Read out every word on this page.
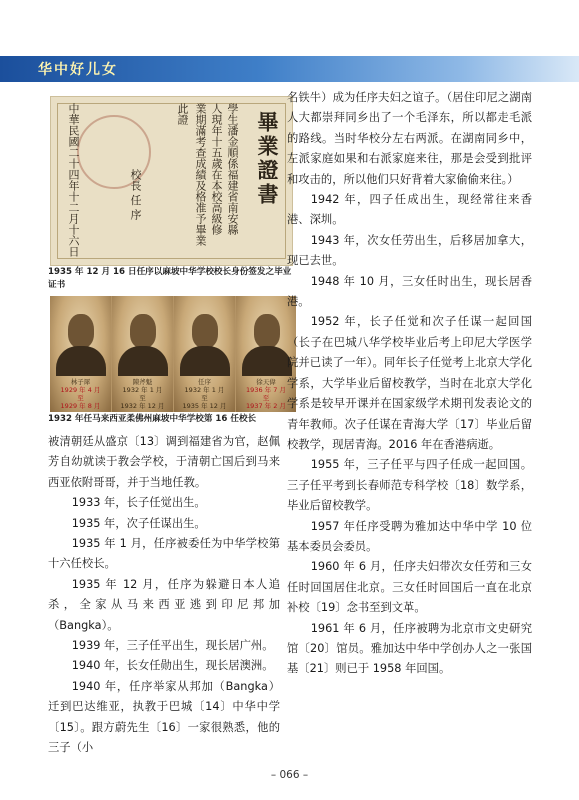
华中好儿女
畢業證書
學生潘金順係福建省南安縣
人現年十五歲在本校高級修
業期滿考查成績及格准予畢業
此證
校長 任 序
中華民國二十四年十二月十六日
1935 年 12 月 16 日任序以麻坡中华学校校长身份签发之毕业证书
林子犀
1929 年 4 月
至
1929 年 8 月
陳斧魁
1932 年 1 月
至
1932 年 12 月
任序
1932 年 1 月
至
1935 年 12 月
徐天偉
1936 年 7 月
至
1937 年 2 月
1932 年任马来西亚柔佛州麻坡中华学校第 16 任校长

名铁牛）成为任序夫妇之谊子。（居住印尼之湖南人大都崇拜同乡出了一个毛泽东，所以都走毛派的路线。当时华校分左右两派。在湖南同乡中，左派家庭如果和右派家庭来往，那是会受到批评和攻击的，所以他们只好背着大家偷偷来往。）

1942 年，四子任成出生，现经常往来香港、深圳。

1943 年，次女任劳出生，后移居加拿大，现已去世。

1948 年 10 月，三女任时出生，现长居香港。

1952 年，长子任觉和次子任谋一起回国（长子在巴城八华学校毕业后考上印尼大学医学院并已读了一年）。同年长子任觉考上北京大学化学系，大学毕业后留校教学，当时在北京大学化学系是较早开课并在国家级学术期刊发表论文的青年教师。次子任谋在青海大学〔17〕毕业后留校教学，现居青海。2016 年在香港病逝。

1955 年，三子任平与四子任成一起回国。三子任平考到长春师范专科学校〔18〕数学系，毕业后留校教学。

1957 年任序受聘为雅加达中华中学 10 位基本委员会委员。

1960 年 6 月，任序夫妇带次女任劳和三女任时回国居住北京。三女任时回国后一直在北京补校〔19〕念书至到文革。

1961 年 6 月，任序被聘为北京市文史研究馆〔20〕馆员。雅加达中华中学创办人之一张国基〔21〕则已于 1958 年回国。

被清朝廷从盛京〔13〕调到福建省为官，赵佩芳自幼就读于教会学校，于清朝亡国后到马来西亚依附哥哥，并于当地任教。

1933 年，长子任觉出生。

1935 年，次子任谋出生。

1935 年 1 月，任序被委任为中华学校第十六任校长。

1935 年 12 月，任序为躲避日本人追杀，全家从马来西亚逃到印尼邦加（Bangka）。

1939 年，三子任平出生，现长居广州。

1940 年，长女任勋出生，现长居澳洲。

1940 年，任序举家从邦加（Bangka）迁到巴达维亚，执教于巴城〔14〕中华中学〔15〕。跟方蔚先生〔16〕一家很熟悉，他的三子（小

– 066 –
